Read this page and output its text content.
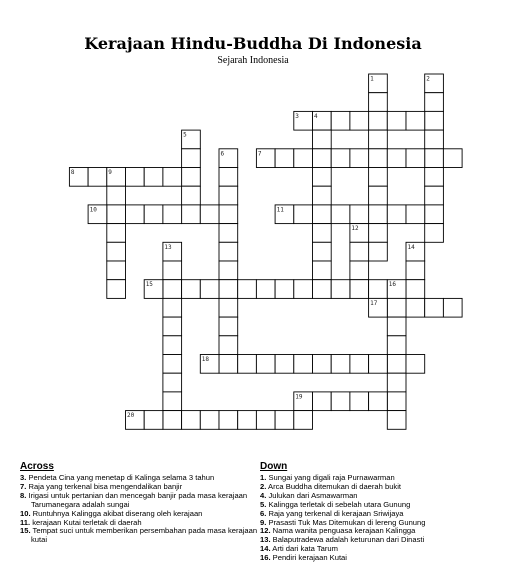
Kerajaan Hindu-Buddha Di Indonesia
Sejarah Indonesia
1	2
3	4
5
6	7
8	9
10	11
12
13	14
15	16
17
18
19
20
Across

3. Pendeta Cina yang menetap di Kalinga selama 3 tahun

7. Raja yang terkenal bisa mengendalikan banjir

8. Irigasi untuk pertanian dan mencegah banjir pada masa kerajaan Tarumanegara adalah sungai

10. Runtuhnya Kalingga akibat diserang oleh kerajaan

11. kerajaan Kutai terletak di daerah

15. Tempat suci untuk memberikan persembahan pada masa kerajaan kutai

Down

1. Sungai yang digali raja Purnawarman

2. Arca Buddha ditemukan di daerah bukit

4. Julukan dari Asmawarman

5. Kalingga terletak di sebelah utara Gunung

6. Raja yang terkenal di kerajaan Sriwijaya

9. Prasasti Tuk Mas Ditemukan di lereng Gunung

12. Nama wanita penguasa kerajaan Kalingga

13. Balaputradewa adalah keturunan dari Dinasti

14. Arti dari kata Tarum

16. Pendiri kerajaan Kutai
